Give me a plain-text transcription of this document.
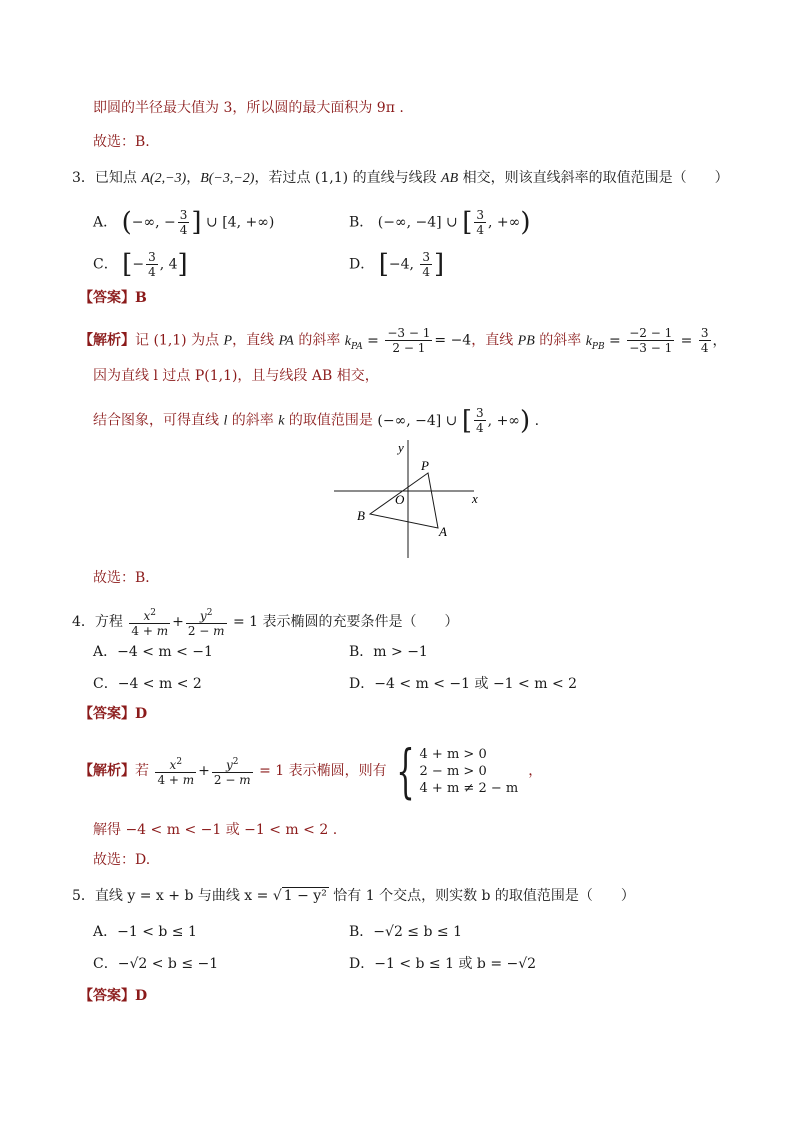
即圆的半径最大值为 3，所以圆的最大面积为 9π .
故选：B.
3．已知点 A(2,−3)，B(−3,−2)，若过点 (1,1) 的直线与线段 AB 相交，则该直线斜率的取值范围是（　　）
A． (−∞, − $\frac{3}{4}$ ] ∪ [4, +∞)	B． (−∞, −4] ∪ [ $\frac{3}{4}$ , +∞)
C． [− $\frac{3}{4}$ , 4]	D． [−4, $\frac{3}{4}$ ]
【答案】B
【解析】记 (1,1) 为点 P，直线 PA 的斜率 $k_{PA} = \frac{-3 - 1}{2 - 1} = -4$，直线 PB 的斜率 $k_{PB} = \frac{-2 - 1}{-3 - 1} = \frac{3}{4}$ ，
因为直线 l 过点 P(1,1)，且与线段 AB 相交，
结合图象，可得直线 l 的斜率 k 的取值范围是 (−∞, −4] ∪ [ $\frac{3}{4}$ , +∞) .
y
x
P
O
B
A
故选：B．
4．方程 $\frac{x^2}{4 + m} + \frac{y^2}{2 - m} = 1$ 表示椭圆的充要条件是（　　）
A．−4 < m < −1	B．m > −1
C．−4 < m < 2	D．−4 < m < −1 或 −1 < m < 2
【答案】D
【解析】若 $\frac{x^2}{4 + m} + \frac{y^2}{2 - m} = 1$ 表示椭圆，则有 { 4 + m > 0
2 − m > 0
4 + m ≠ 2 − m
，
解得 −4 < m < −1 或 −1 < m < 2 .
故选：D.
5．直线 y = x + b 与曲线 x = √ 1 − y² 恰有 1 个交点，则实数 b 的取值范围是（　　）
A．−1 < b ≤ 1	B．−√2 ≤ b ≤ 1
C．−√2 < b ≤ −1	D．−1 < b ≤ 1 或 b = −√2
【答案】D
